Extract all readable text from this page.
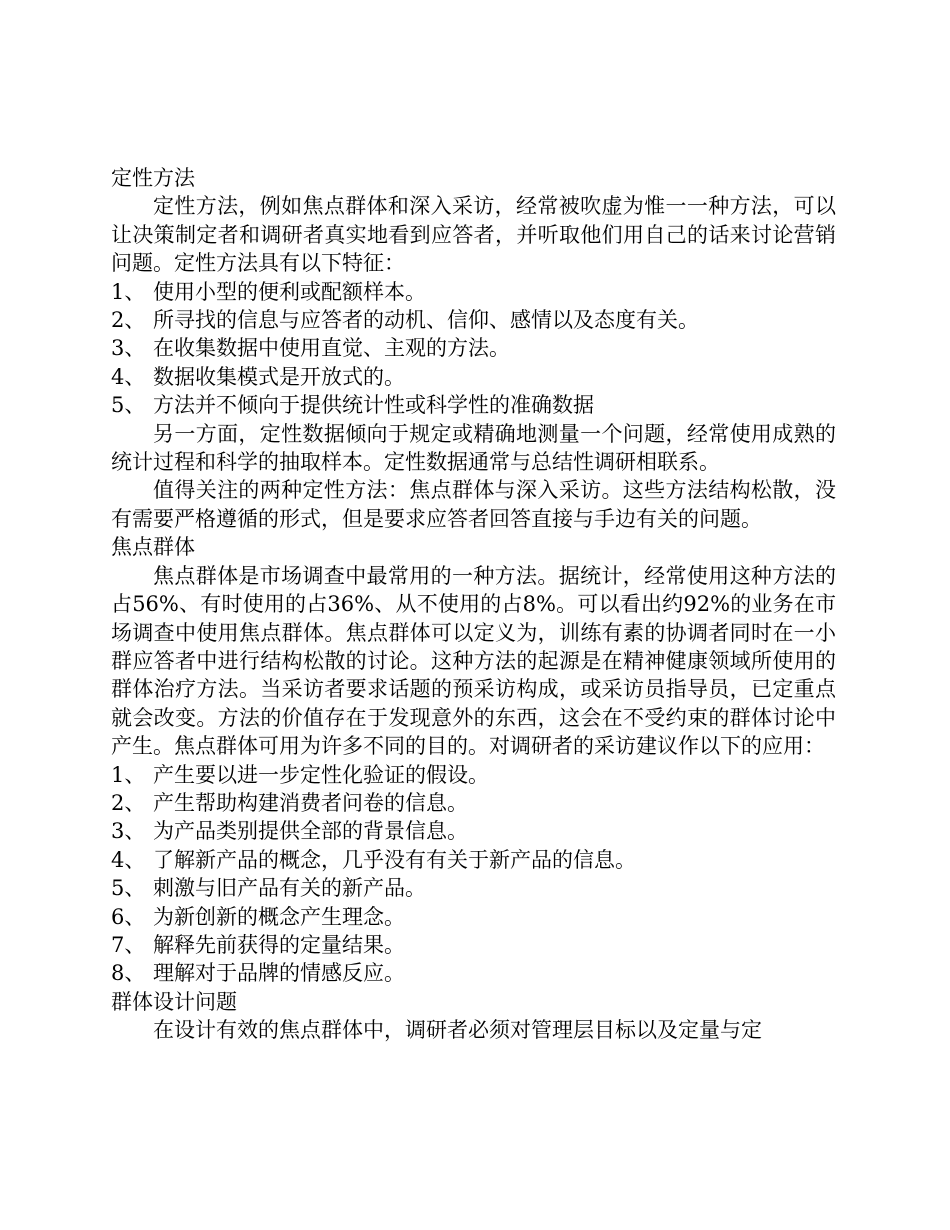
定性方法

定性方法，例如焦点群体和深入采访，经常被吹虚为惟一一种方法，可以让决策制定者和调研者真实地看到应答者，并听取他们用自己的话来讨论营销问题。定性方法具有以下特征：

1、 使用小型的便利或配额样本。
2、 所寻找的信息与应答者的动机、信仰、感情以及态度有关。
3、 在收集数据中使用直觉、主观的方法。
4、 数据收集模式是开放式的。
5、 方法并不倾向于提供统计性或科学性的准确数据

另一方面，定性数据倾向于规定或精确地测量一个问题，经常使用成熟的统计过程和科学的抽取样本。定性数据通常与总结性调研相联系。

值得关注的两种定性方法：焦点群体与深入采访。这些方法结构松散，没有需要严格遵循的形式，但是要求应答者回答直接与手边有关的问题。

焦点群体

焦点群体是市场调查中最常用的一种方法。据统计，经常使用这种方法的占56%、有时使用的占36%、从不使用的占8%。可以看出约92%的业务在市场调查中使用焦点群体。焦点群体可以定义为，训练有素的协调者同时在一小群应答者中进行结构松散的讨论。这种方法的起源是在精神健康领域所使用的群体治疗方法。当采访者要求话题的预采访构成，或采访员指导员，已定重点就会改变。方法的价值存在于发现意外的东西，这会在不受约束的群体讨论中产生。焦点群体可用为许多不同的目的。对调研者的采访建议作以下的应用：

1、 产生要以进一步定性化验证的假设。
2、 产生帮助构建消费者问卷的信息。
3、 为产品类别提供全部的背景信息。
4、 了解新产品的概念，几乎没有有关于新产品的信息。
5、 刺激与旧产品有关的新产品。
6、 为新创新的概念产生理念。
7、 解释先前获得的定量结果。
8、 理解对于品牌的情感反应。

群体设计问题

在设计有效的焦点群体中，调研者必须对管理层目标以及定量与定
